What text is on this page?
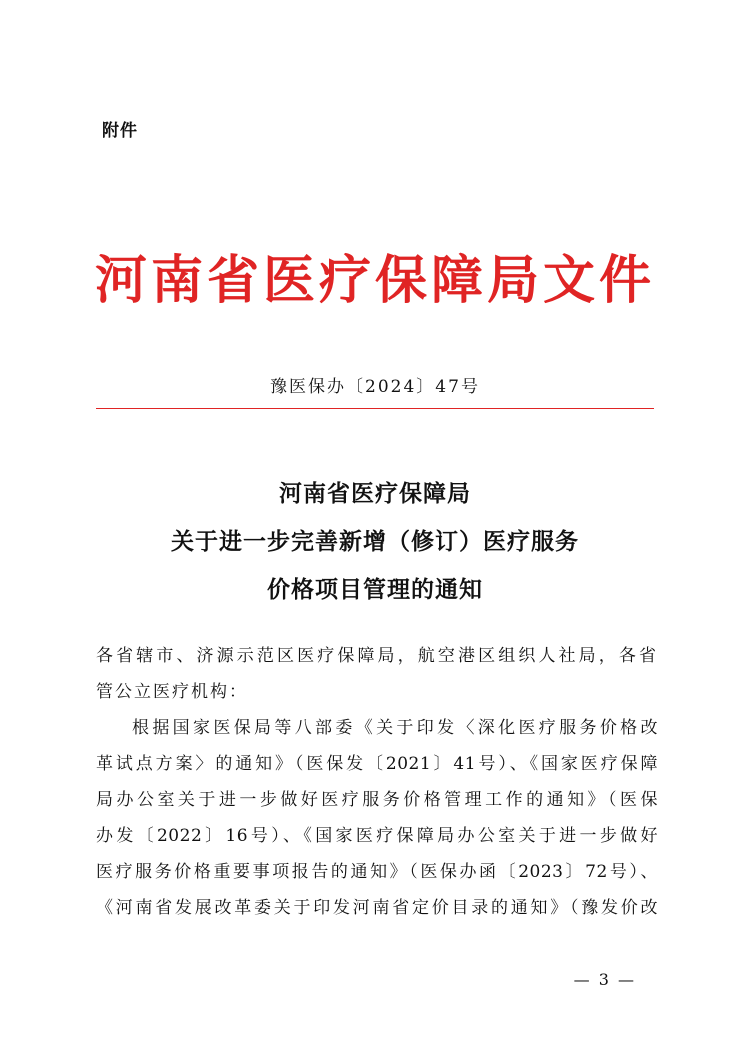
附件
河南省医疗保障局文件
豫医保办〔2024〕47号
河南省医疗保障局
关于进一步完善新增（修订）医疗服务
价格项目管理的通知
各省辖市、济源示范区医疗保障局，航空港区组织人社局，各省
管公立医疗机构：
根据国家医保局等八部委《关于印发〈深化医疗服务价格改
革试点方案〉的通知》（医保发〔2021〕41号）、《国家医疗保障
局办公室关于进一步做好医疗服务价格管理工作的通知》（医保
办发〔2022〕16号）、《国家医疗保障局办公室关于进一步做好
医疗服务价格重要事项报告的通知》（医保办函〔2023〕72号）、
《河南省发展改革委关于印发河南省定价目录的通知》（豫发价改
— 3 —
